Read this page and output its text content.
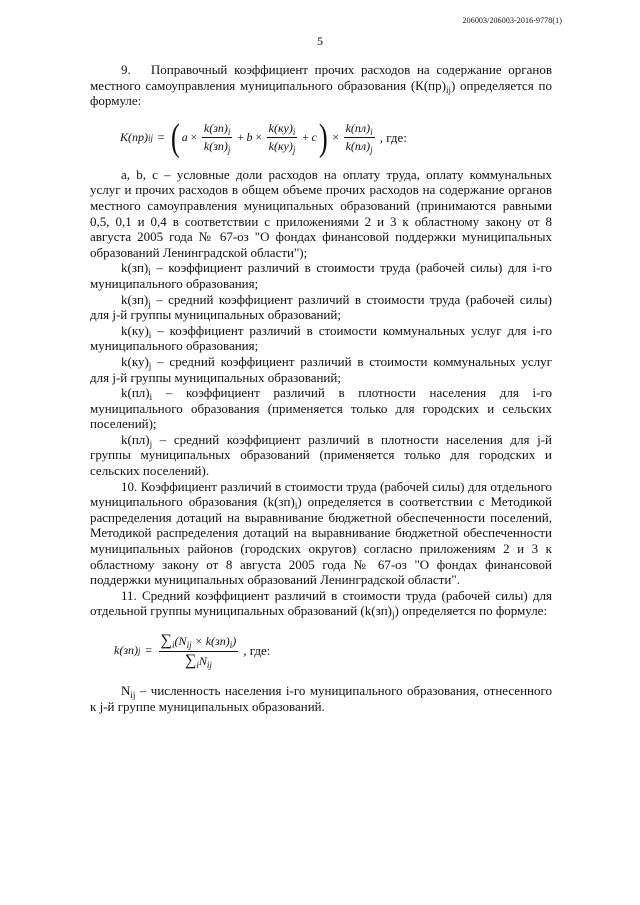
206003/206003-2016-9778(1)
5

9.   Поправочный коэффициент прочих расходов на содержание органов местного самоуправления муниципального образования $(К(пр)_{ij})$ определяется по формуле:

K(пр) ij = ( $a \times \frac{k(зп)_i}{k(зп)_j} + b \times \frac{k(ку)_i}{k(ку)_j} + c$ ) × $\frac{k(пл)_i}{k(пл)_j}$ , где:

a, b, c – условные доли расходов на оплату труда, оплату коммунальных услуг и прочих расходов в общем объеме прочих расходов на содержание органов местного самоуправления муниципальных образований (принимаются равными 0,5, 0,1 и 0,4 в соответствии с приложениями 2 и 3 к областному закону от 8 августа 2005 года № 67-оз "О фондах финансовой поддержки муниципальных образований Ленинградской области");

$k(зп)_i$ – коэффициент различий в стоимости труда (рабочей силы) для i-го муниципального образования;

$k(зп)_j$ – средний коэффициент различий в стоимости труда (рабочей силы) для j-й группы муниципальных образований;

$k(ку)_i$ – коэффициент различий в стоимости коммунальных услуг для i-го муниципального образования;

$k(ку)_j$ – средний коэффициент различий в стоимости коммунальных услуг для j-й группы муниципальных образований;

$k(пл)_i$ – коэффициент различий в плотности населения для i-го муниципального образования (применяется только для городских и сельских поселений);

$k(пл)_j$ – средний коэффициент различий в плотности населения для j-й группы муниципальных образований (применяется только для городских и сельских поселений).

10. Коэффициент различий в стоимости труда (рабочей силы) для отдельного муниципального образования $(k(зп)_i)$ определяется в соответствии с Методикой распределения дотаций на выравнивание бюджетной обеспеченности поселений, Методикой распределения дотаций на выравнивание бюджетной обеспеченности муниципальных районов (городских округов) согласно приложениям 2 и 3 к областному закону от 8 августа 2005 года № 67-оз "О фондах финансовой поддержки муниципальных образований Ленинградской области".

11. Средний коэффициент различий в стоимости труда (рабочей силы) для отдельной группы муниципальных образований $(k(зп)_j)$ определяется по формуле:

k(зп) $j = \frac{\sum_i(N_{ij} \times k(зп)_i)}{\sum_iN_{ij}}$ , где:

$N_{ij}$ – численность населения i-го муниципального образования, отнесенного к j-й группе муниципальных образований.
